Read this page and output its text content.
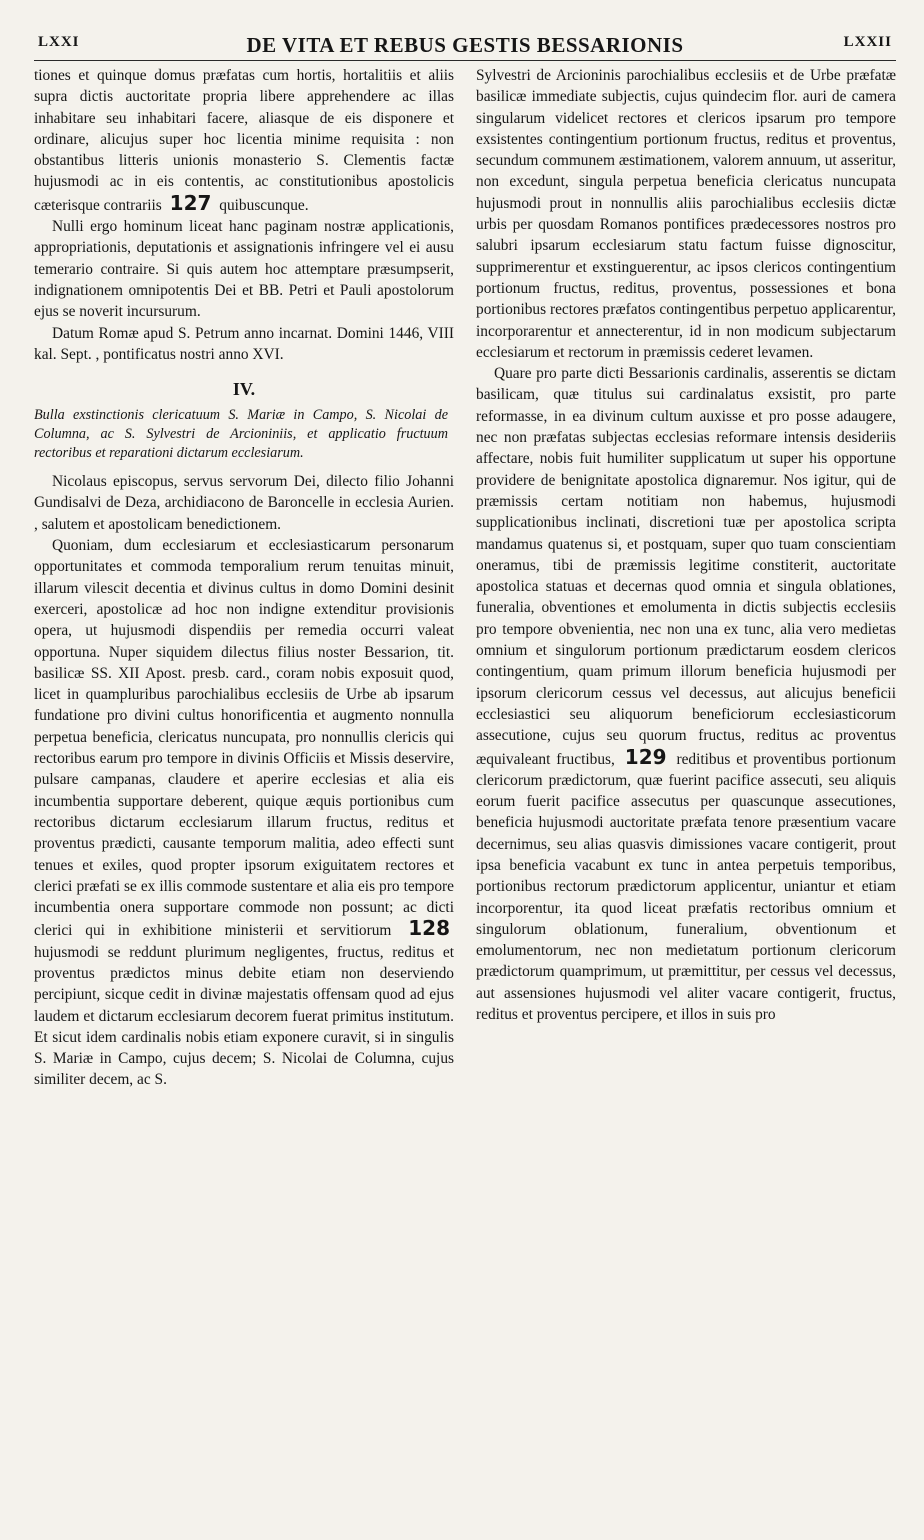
LXXI	DE VITA ET REBUS GESTIS BESSARIONIS	LXXII

tiones et quinque domus præfatas cum hortis, hortalitiis et aliis supra dictis auctoritate propria libere apprehendere ac illas inhabitare seu inhabitari facere, aliasque de eis disponere et ordinare, alicujus super hoc licentia minime requisita : non obstantibus litteris unionis monasterio S. Clementis factæ hujusmodi ac in eis contentis, ac constitutionibus apostolicis cæterisque contrariis 127 quibuscunque.

Nulli ergo hominum liceat hanc paginam nostræ applicationis, appropriationis, deputationis et assignationis infringere vel ei ausu temerario contraire. Si quis autem hoc attemptare præsumpserit, indignationem omnipotentis Dei et BB. Petri et Pauli apostolorum ejus se noverit incursurum.

Datum Romæ apud S. Petrum anno incarnat. Domini 1446, VIII kal. Sept. , pontificatus nostri anno XVI.

IV.

Bulla exstinctionis clericatuum S. Mariæ in Campo, S. Nicolai de Columna, ac S. Sylvestri de Arcioniniis, et applicatio fructuum rectoribus et reparationi dictarum ecclesiarum.

Nicolaus episcopus, servus servorum Dei, dilecto filio Johanni Gundisalvi de Deza, archidiacono de Baroncelle in ecclesia Aurien. , salutem et apostolicam benedictionem.

Quoniam, dum ecclesiarum et ecclesiasticarum personarum opportunitates et commoda temporalium rerum tenuitas minuit, illarum vilescit decentia et divinus cultus in domo Domini desinit exerceri, apostolicæ ad hoc non indigne extenditur provisionis opera, ut hujusmodi dispendiis per remedia occurri valeat opportuna. Nuper siquidem dilectus filius noster Bessarion, tit. basilicæ SS. XII Apost. presb. card., coram nobis exposuit quod, licet in quampluribus parochialibus ecclesiis de Urbe ab ipsarum fundatione pro divini cultus honorificentia et augmento nonnulla perpetua beneficia, clericatus nuncupata, pro nonnullis clericis qui rectoribus earum pro tempore in divinis Officiis et Missis deservire, pulsare campanas, claudere et aperire ecclesias et alia eis incumbentia supportare deberent, quique æquis portionibus cum rectoribus dictarum ecclesiarum illarum fructus, reditus et proventus prædicti, causante temporum malitia, adeo effecti sunt tenues et exiles, quod propter ipsorum exiguitatem rectores et clerici præfati se ex illis commode sustentare et alia eis pro tempore incumbentia onera supportare commode non possunt; ac dicti clerici qui in exhibitione ministerii et servitiorum 128 hujusmodi se reddunt plurimum negligentes, fructus, reditus et proventus prædictos minus debite etiam non deserviendo percipiunt, sicque cedit in divinæ majestatis offensam quod ad ejus laudem et dictarum ecclesiarum decorem fuerat primitus institutum. Et sicut idem cardinalis nobis etiam exponere curavit, si in singulis S. Mariæ in Campo, cujus decem; S. Nicolai de Columna, cujus similiter decem, ac S.

Sylvestri de Arcioninis parochialibus ecclesiis et de Urbe præfatæ basilicæ immediate subjectis, cujus quindecim flor. auri de camera singularum videlicet rectores et clericos ipsarum pro tempore exsistentes contingentium portionum fructus, reditus et proventus, secundum communem æstimationem, valorem annuum, ut asseritur, non excedunt, singula perpetua beneficia clericatus nuncupata hujusmodi prout in nonnullis aliis parochialibus ecclesiis dictæ urbis per quosdam Romanos pontifices prædecessores nostros pro salubri ipsarum ecclesiarum statu factum fuisse dignoscitur, supprimerentur et exstinguerentur, ac ipsos clericos contingentium portionum fructus, reditus, proventus, possessiones et bona portionibus rectores præfatos contingentibus perpetuo applicarentur, incorporarentur et annecterentur, id in non modicum subjectarum ecclesiarum et rectorum in præmissis cederet levamen.

Quare pro parte dicti Bessarionis cardinalis, asserentis se dictam basilicam, quæ titulus sui cardinalatus exsistit, pro parte reformasse, in ea divinum cultum auxisse et pro posse adaugere, nec non præfatas subjectas ecclesias reformare intensis desideriis affectare, nobis fuit humiliter supplicatum ut super his opportune providere de benignitate apostolica dignaremur. Nos igitur, qui de præmissis certam notitiam non habemus, hujusmodi supplicationibus inclinati, discretioni tuæ per apostolica scripta mandamus quatenus si, et postquam, super quo tuam conscientiam oneramus, tibi de præmissis legitime constiterit, auctoritate apostolica statuas et decernas quod omnia et singula oblationes, funeralia, obventiones et emolumenta in dictis subjectis ecclesiis pro tempore obvenientia, nec non una ex tunc, alia vero medietas omnium et singulorum portionum prædictarum eosdem clericos contingentium, quam primum illorum beneficia hujusmodi per ipsorum clericorum cessus vel decessus, aut alicujus beneficii ecclesiastici seu aliquorum beneficiorum ecclesiasticorum assecutione, cujus seu quorum fructus, reditus ac proventus æquivaleant fructibus, 129 reditibus et proventibus portionum clericorum prædictorum, quæ fuerint pacifice assecuti, seu aliquis eorum fuerit pacifice assecutus per quascunque assecutiones, beneficia hujusmodi auctoritate præfata tenore præsentium vacare decernimus, seu alias quasvis dimissiones vacare contigerit, prout ipsa beneficia vacabunt ex tunc in antea perpetuis temporibus, portionibus rectorum prædictorum applicentur, uniantur et etiam incorporentur, ita quod liceat præfatis rectoribus omnium et singulorum oblationum, funeralium, obventionum et emolumentorum, nec non medietatum portionum clericorum prædictorum quamprimum, ut præmittitur, per cessus vel decessus, aut assensiones hujusmodi vel aliter vacare contigerit, fructus, reditus et proventus percipere, et illos in suis pro
